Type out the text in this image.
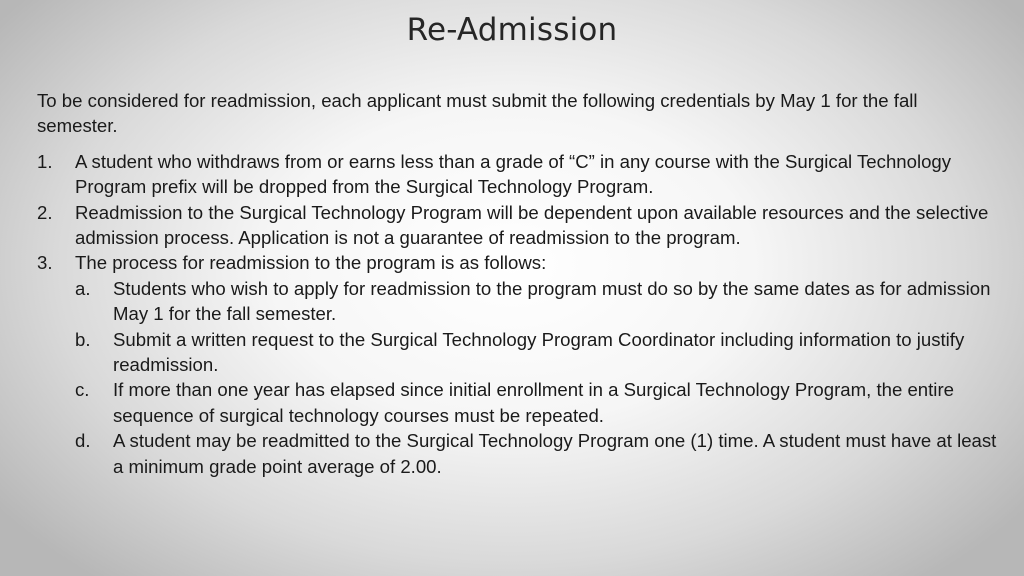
Re-Admission

To be considered for readmission, each applicant must submit the following credentials by May 1 for the fall semester.

1. A student who withdraws from or earns less than a grade of “C” in any course with the Surgical Technology Program prefix will be dropped from the Surgical Technology Program.
2. Readmission to the Surgical Technology Program will be dependent upon available resources and the selective admission process. Application is not a guarantee of readmission to the program.
3. The process for readmission to the program is as follows:
a. Students who wish to apply for readmission to the program must do so by the same dates as for admission May 1 for the fall semester.
b. Submit a written request to the Surgical Technology Program Coordinator including information to justify readmission.
c. If more than one year has elapsed since initial enrollment in a Surgical Technology Program, the entire sequence of surgical technology courses must be repeated.
d. A student may be readmitted to the Surgical Technology Program one (1) time. A student must have at least a minimum grade point average of 2.00.
